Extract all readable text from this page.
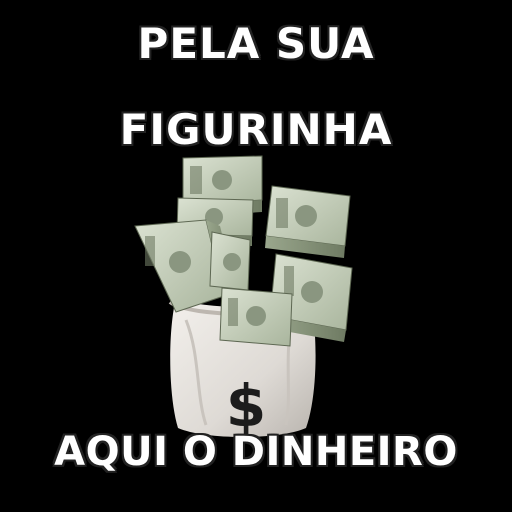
PELA SUA
FIGURINHA
$
AQUI O DINHEIRO
